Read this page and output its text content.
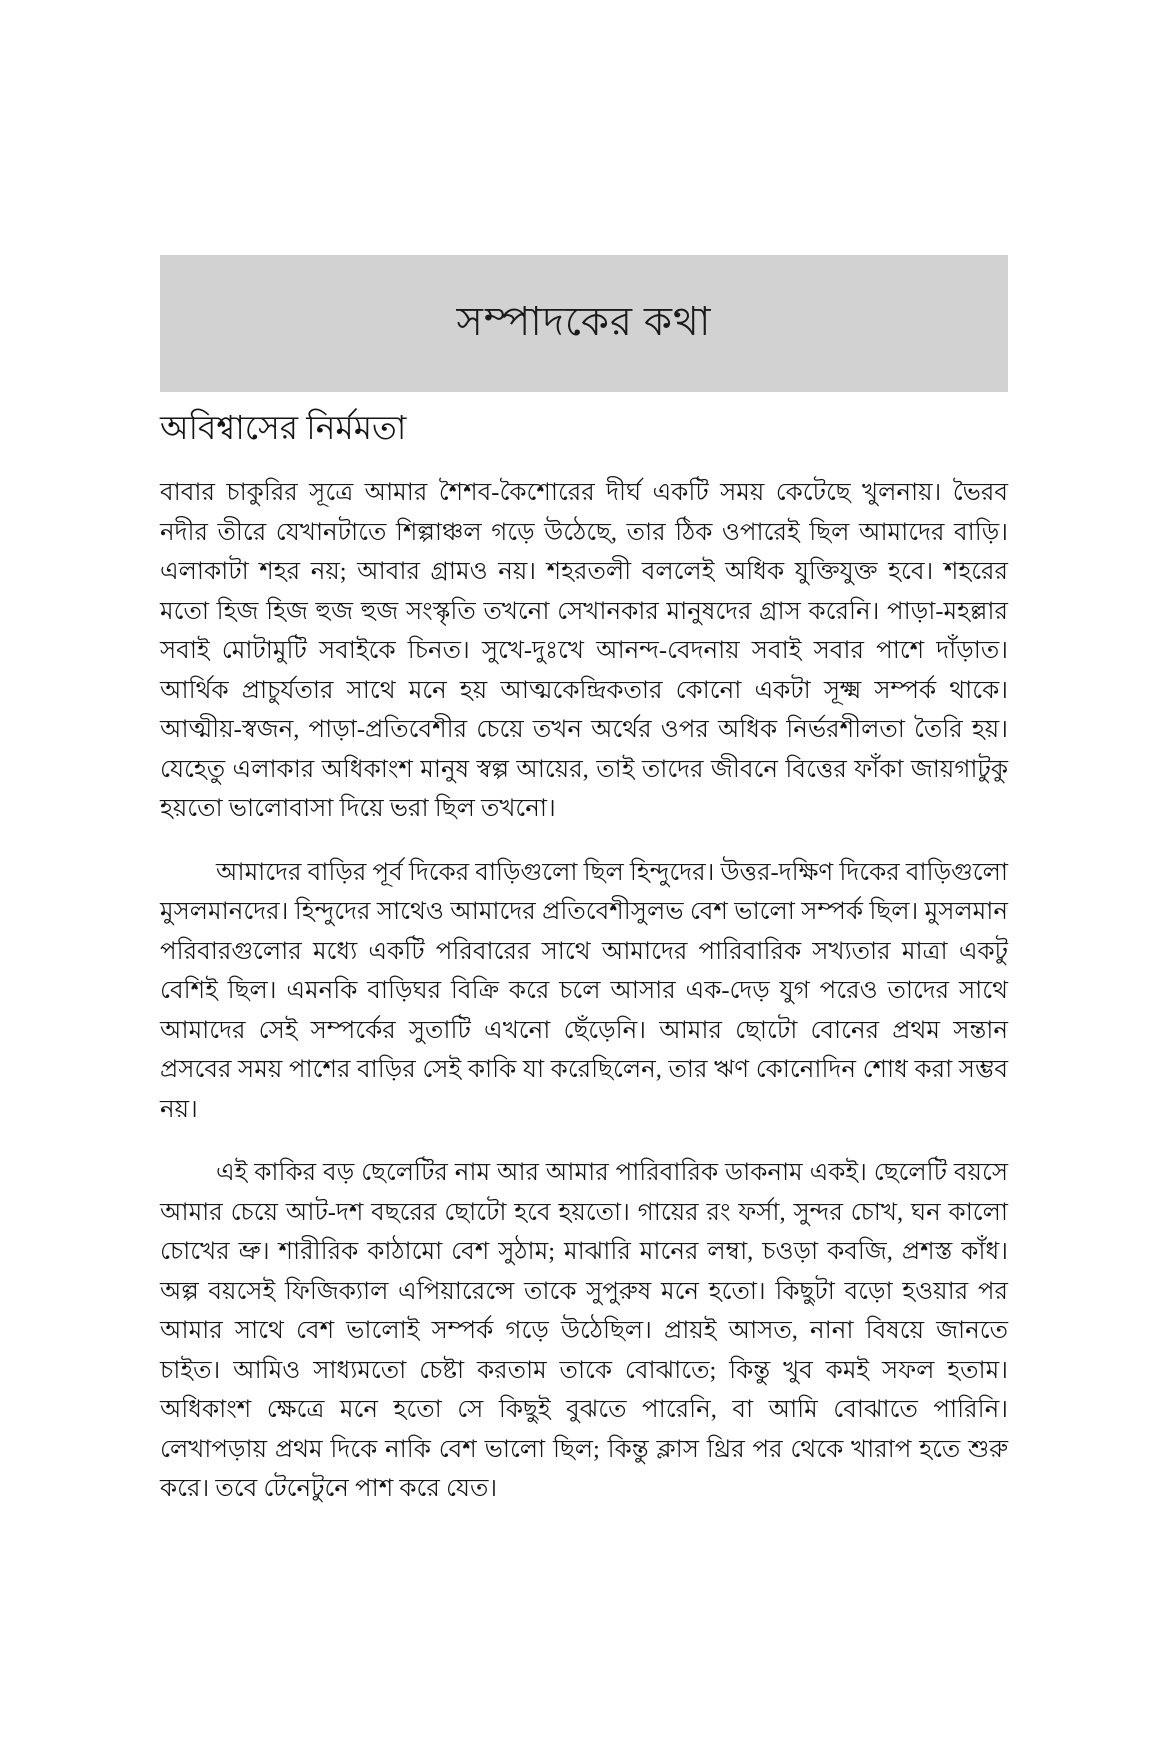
সম্পাদকের কথা
অবিশ্বাসের নির্মমতা

বাবার চাকুরির সূত্রে আমার শৈশব-কৈশোরের দীর্ঘ একটি সময় কেটেছে খুলনায়। ভৈরব নদীর তীরে যেখানটাতে শিল্পাঞ্চল গড়ে উঠেছে, তার ঠিক ওপারেই ছিল আমাদের বাড়ি। এলাকাটা শহর নয়; আবার গ্রামও নয়। শহরতলী বললেই অধিক যুক্তিযুক্ত হবে। শহরের মতো হিজ হিজ হুজ হুজ সংস্কৃতি তখনো সেখানকার মানুষদের গ্রাস করেনি। পাড়া-মহল্লার সবাই মোটামুটি সবাইকে চিনত। সুখে-দুঃখে আনন্দ-বেদনায় সবাই সবার পাশে দাঁড়াত। আর্থিক প্রাচুর্যতার সাথে মনে হয় আত্মকেন্দ্রিকতার কোনো একটা সূক্ষ্ম সম্পর্ক থাকে। আত্মীয়-স্বজন, পাড়া-প্রতিবেশীর চেয়ে তখন অর্থের ওপর অধিক নির্ভরশীলতা তৈরি হয়। যেহেতু এলাকার অধিকাংশ মানুষ স্বল্প আয়ের, তাই তাদের জীবনে বিত্তের ফাঁকা জায়গাটুকু হয়তো ভালোবাসা দিয়ে ভরা ছিল তখনো।

আমাদের বাড়ির পূর্ব দিকের বাড়িগুলো ছিল হিন্দুদের। উত্তর-দক্ষিণ দিকের বাড়িগুলো মুসলমানদের। হিন্দুদের সাথেও আমাদের প্রতিবেশীসুলভ বেশ ভালো সম্পর্ক ছিল। মুসলমান পরিবারগুলোর মধ্যে একটি পরিবারের সাথে আমাদের পারিবারিক সখ্যতার মাত্রা একটু বেশিই ছিল। এমনকি বাড়িঘর বিক্রি করে চলে আসার এক-দেড় যুগ পরেও তাদের সাথে আমাদের সেই সম্পর্কের সুতাটি এখনো ছেঁড়েনি। আমার ছোটো বোনের প্রথম সন্তান প্রসবের সময় পাশের বাড়ির সেই কাকি যা করেছিলেন, তার ঋণ কোনোদিন শোধ করা সম্ভব নয়।

এই কাকির বড় ছেলেটির নাম আর আমার পারিবারিক ডাকনাম একই। ছেলেটি বয়সে আমার চেয়ে আট-দশ বছরের ছোটো হবে হয়তো। গায়ের রং ফর্সা, সুন্দর চোখ, ঘন কালো চোখের ভ্রু। শারীরিক কাঠামো বেশ সুঠাম; মাঝারি মানের লম্বা, চওড়া কবজি, প্রশস্ত কাঁধ। অল্প বয়সেই ফিজিক্যাল এপিয়ারেন্সে তাকে সুপুরুষ মনে হতো। কিছুটা বড়ো হওয়ার পর আমার সাথে বেশ ভালোই সম্পর্ক গড়ে উঠেছিল। প্রায়ই আসত, নানা বিষয়ে জানতে চাইত। আমিও সাধ্যমতো চেষ্টা করতাম তাকে বোঝাতে; কিন্তু খুব কমই সফল হতাম। অধিকাংশ ক্ষেত্রে মনে হতো সে কিছুই বুঝতে পারেনি, বা আমি বোঝাতে পারিনি। লেখাপড়ায় প্রথম দিকে নাকি বেশ ভালো ছিল; কিন্তু ক্লাস থ্রির পর থেকে খারাপ হতে শুরু করে। তবে টেনেটুনে পাশ করে যেত।
